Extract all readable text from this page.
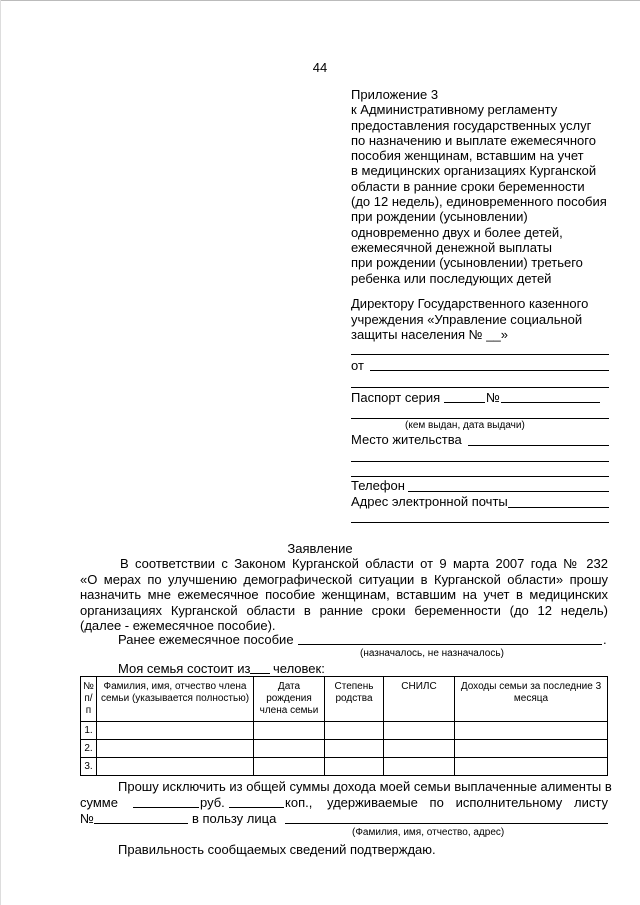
44
Приложение 3
к Административному регламенту
предоставления государственных услуг
по назначению и выплате ежемесячного
пособия женщинам, вставшим на учет
в медицинских организациях Курганской
области в ранние сроки беременности
(до 12 недель), единовременного пособия
при рождении (усыновлении)
одновременно двух и более детей,
ежемесячной денежной выплаты
при рождении (усыновлении) третьего
ребенка или последующих детей
Директору Государственного казенного
учреждения «Управление социальной
защиты населения № __»
от
Паспорт серия	№
(кем выдан, дата выдачи)
Место жительства
Телефон
Адрес электронной почты
Заявление
В соответствии с Законом Курганской области от 9 марта 2007 года № 232
«О мерах по улучшению демографической ситуации в Курганской области» прошу
назначить мне ежемесячное пособие женщинам, вставшим на учет в медицинских
организациях Курганской области в ранние сроки беременности (до 12 недель)
(далее - ежемесячное пособие).
Ранее ежемесячное пособие	.
(назначалось, не назначалось)
Моя семья состоит из человек:
№ п/ п	Фамилия, имя, отчество члена семьи (указывается полностью)	Дата рождения члена семьи	Степень родства	СНИЛС	Доходы семьи за последние 3 месяца
1.					
2.					
3.					
Прошу исключить из общей суммы дохода моей семьи выплаченные алименты в
сумме	руб.	коп., удерживаемые по исполнительному листу
№	в пользу лица
(Фамилия, имя, отчество, адрес)
Правильность сообщаемых сведений подтверждаю.
